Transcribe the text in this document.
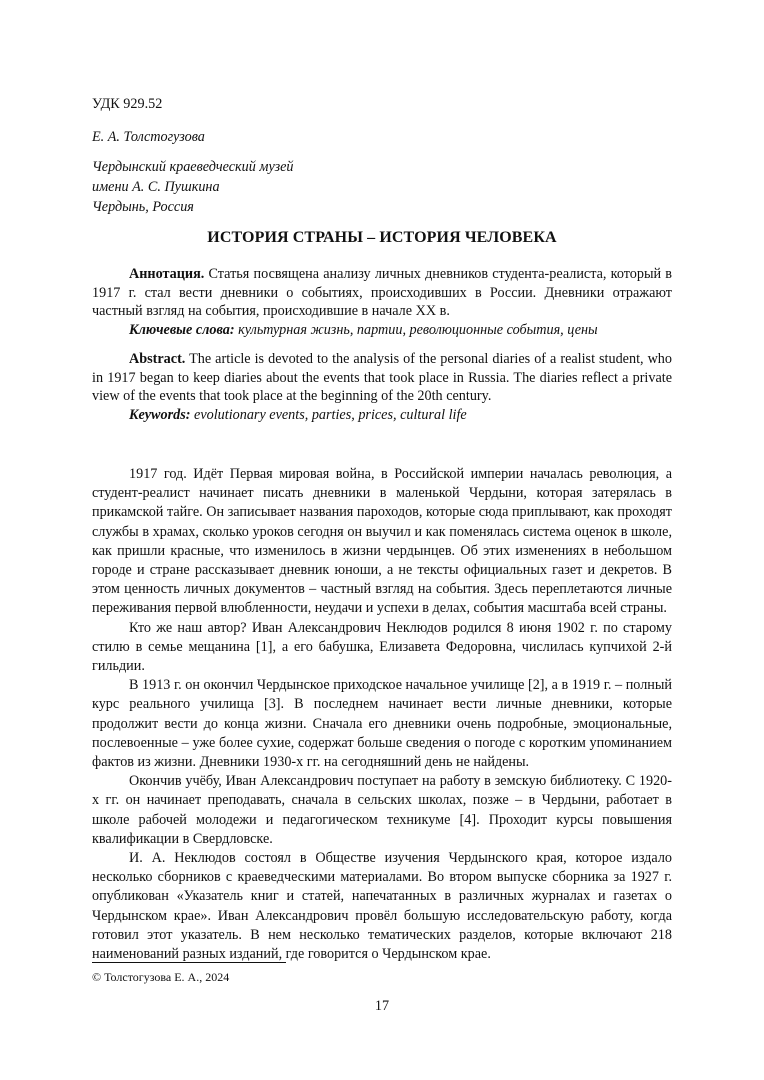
УДК 929.52
Е. А. Толстогузова
Чердынский краеведческий музей
имени А. С. Пушкина
Чердынь, Россия
ИСТОРИЯ СТРАНЫ – ИСТОРИЯ ЧЕЛОВЕКА

Аннотация. Статья посвящена анализу личных дневников студента-реалиста, который в 1917 г. стал вести дневники о событиях, происходивших в России. Дневники отражают частный взгляд на события, происходившие в начале XX в.

Ключевые слова: культурная жизнь, партии, революционные события, цены

Abstract. The article is devoted to the analysis of the personal diaries of a realist student, who in 1917 began to keep diaries about the events that took place in Russia. The diaries reflect a private view of the events that took place at the beginning of the 20th century.

Keywords: evolutionary events, parties, prices, cultural life

1917 год. Идёт Первая мировая война, в Российской империи началась революция, а студент-реалист начинает писать дневники в маленькой Чердыни, которая затерялась в прикамской тайге. Он записывает названия пароходов, которые сюда приплывают, как проходят службы в храмах, сколько уроков сегодня он выучил и как поменялась система оценок в школе, как пришли красные, что изменилось в жизни чердынцев. Об этих изменениях в небольшом городе и стране рассказывает дневник юноши, а не тексты официальных газет и декретов. В этом ценность личных документов – частный взгляд на события. Здесь переплетаются личные переживания первой влюбленности, неудачи и успехи в делах, события масштаба всей страны.

Кто же наш автор? Иван Александрович Неклюдов родился 8 июня 1902 г. по старому стилю в семье мещанина [1], а его бабушка, Елизавета Федоровна, числилась купчихой 2-й гильдии.

В 1913 г. он окончил Чердынское приходское начальное училище [2], а в 1919 г. – полный курс реального училища [3]. В последнем начинает вести личные дневники, которые продолжит вести до конца жизни. Сначала его дневники очень подробные, эмоциональные, послевоенные – уже более сухие, содержат больше сведения о погоде с коротким упоминанием фактов из жизни. Дневники 1930-х гг. на сегодняшний день не найдены.

Окончив учёбу, Иван Александрович поступает на работу в земскую библиотеку. С 1920-х гг. он начинает преподавать, сначала в сельских школах, позже – в Чердыни, работает в школе рабочей молодежи и педагогическом техникуме [4]. Проходит курсы повышения квалификации в Свердловске.

И. А. Неклюдов состоял в Обществе изучения Чердынского края, которое издало несколько сборников с краеведческими материалами. Во втором выпуске сборника за 1927 г. опубликован «Указатель книг и статей, напечатанных в различных журналах и газетах о Чердынском крае». Иван Александрович провёл большую исследовательскую работу, когда готовил этот указатель. В нем несколько тематических разделов, которые включают 218 наименований разных изданий, где говорится о Чердынском крае.

© Толстогузова Е. А., 2024
17
